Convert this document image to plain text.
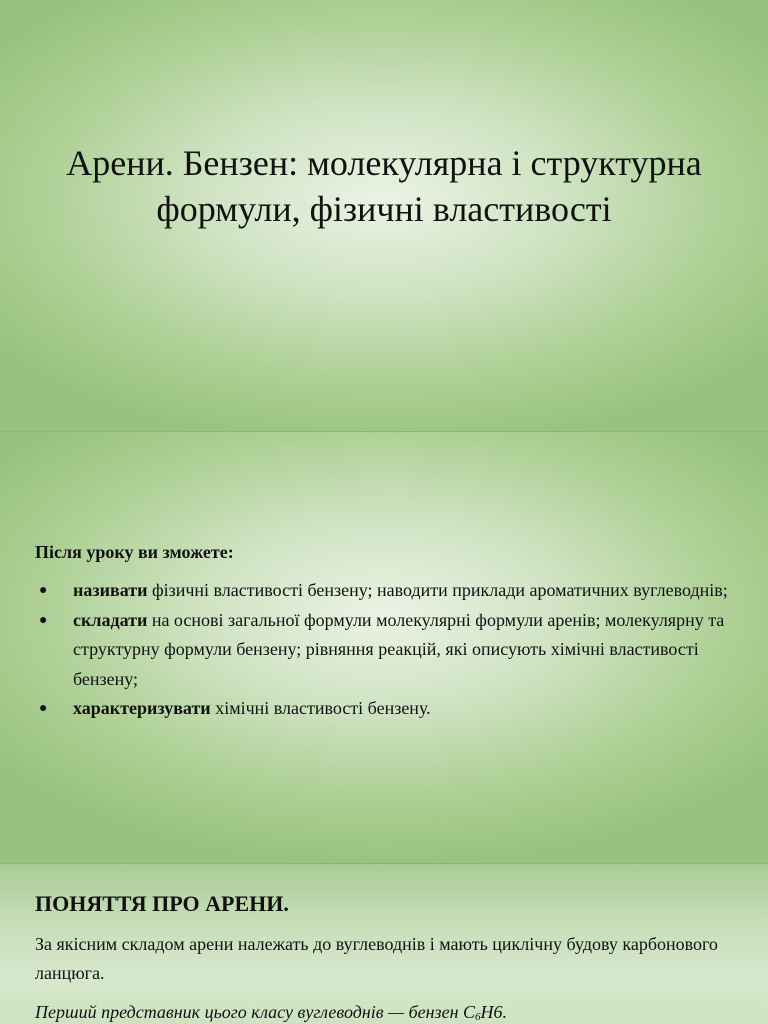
Арени. Бензен: молекулярна і структурна формули, фізичні властивості

Після уроку ви зможете:

● називати фізичні властивості бензену; наводити приклади ароматичних вуглеводнів;
● складати на основі загальної формули молекулярні формули аренів; молекулярну та структурну формули бензену; рівняння реакцій, які описують хімічні властивості бензену;
● характеризувати хімічні властивості бензену.
ПОНЯТТЯ ПРО АРЕНИ.

За якісним складом арени належать до вуглеводнів і мають циклічну будову карбонового ланцюга.

Перший представник цього класу вуглеводнів — бензен $С_6Н6$.
